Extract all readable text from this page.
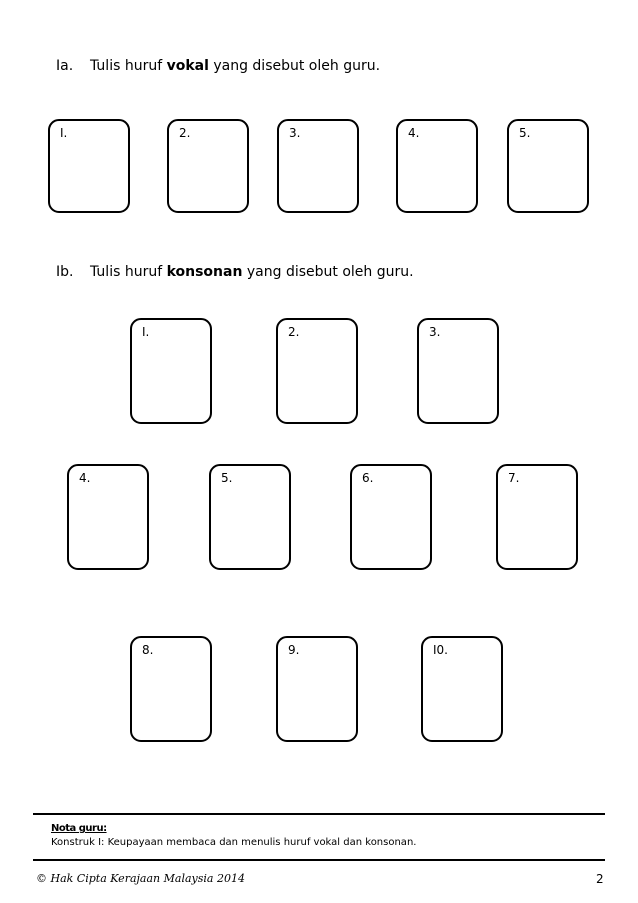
Ia. Tulis huruf vokal yang disebut oleh guru.
I.	2.	3.	4.	5.
Ib. Tulis huruf konsonan yang disebut oleh guru.
I.	2.	3.
4.	5.	6.	7.
8.	9.	I0.
Nota guru:
Konstruk I: Keupayaan membaca dan menulis huruf vokal dan konsonan.
© Hak Cipta Kerajaan Malaysia 2014	2
